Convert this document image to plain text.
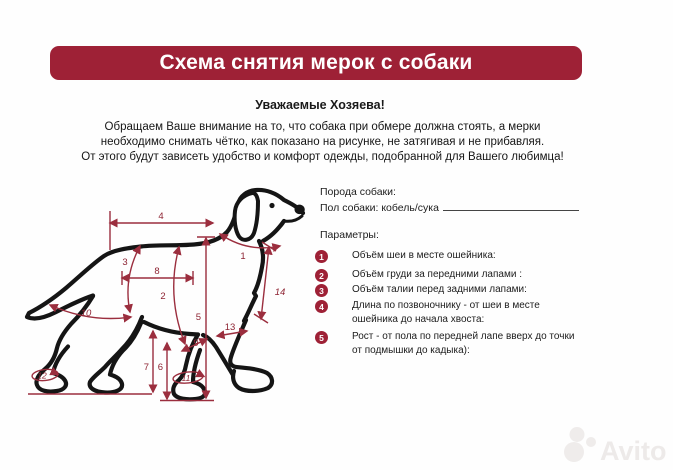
Схема снятия мерок с собаки
Уважаемые Хозяева!
Обращаем Ваше внимание на то, что собака при обмере должна стоять, а мерки
необходимо снимать чётко, как показано на рисунке, не затягивая и не прибавляя.
От этого будут зависеть удобство и комфорт одежды, подобранной для Вашего любимца!
Порода собаки:
Пол собаки: кобель/сука
Параметры:
1	Объём шеи в месте ошейника:
2	Объём груди за передними лапами :
3	Объём талии перед задними лапами:
4	Длина по позвоночнику - от шеи в месте
ошейника до начала хвоста:
5	Рост - от пола по передней лапе вверх до точки
от подмышки до кадыка):
1
2
3
4
5
6
7
8
9
10
11
12
13
14
Avito
